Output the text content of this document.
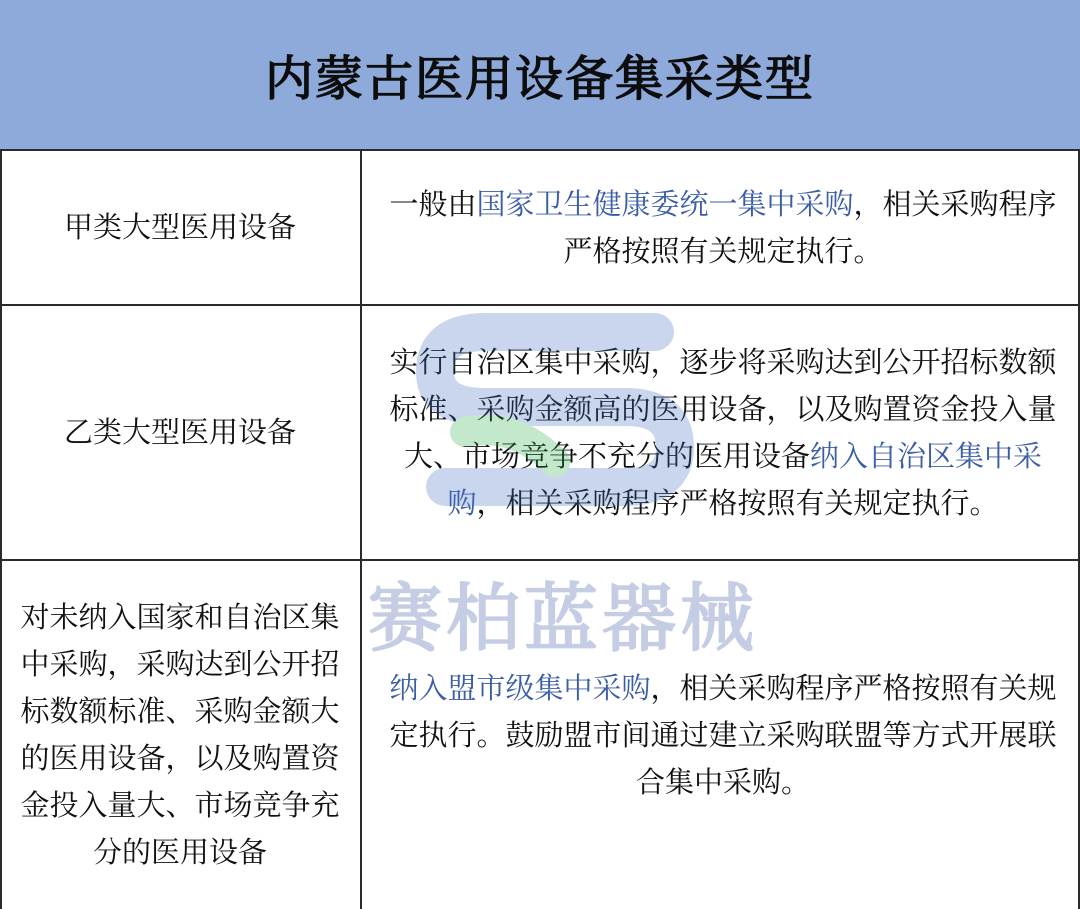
内蒙古医用设备集采类型
甲类大型医用设备

一般由国家卫生健康委统一集中采购，相关采购程序严格按照有关规定执行。

乙类大型医用设备

实行自治区集中采购，逐步将采购达到公开招标数额标准、采购金额高的医用设备，以及购置资金投入量大、市场竞争不充分的医用设备纳入自治区集中采购，相关采购程序严格按照有关规定执行。

对未纳入国家和自治区集中采购，采购达到公开招标数额标准、采购金额大的医用设备，以及购置资金投入量大、市场竞争充分的医用设备

纳入盟市级集中采购，相关采购程序严格按照有关规定执行。鼓励盟市间通过建立采购联盟等方式开展联合集中采购。

赛柏蓝器械
